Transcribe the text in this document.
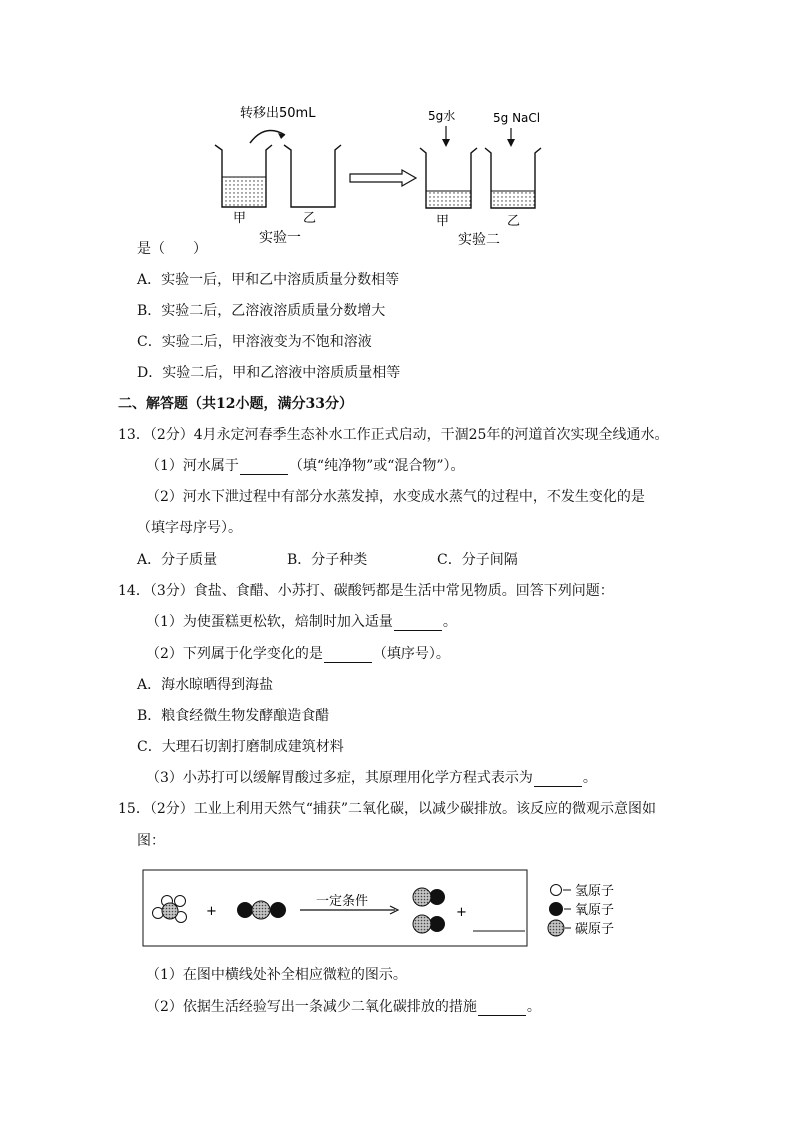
转移出50mL
甲	乙
实验一
5g水	5g NaCl
甲	乙
实验二
是（　　）
A．实验一后，甲和乙中溶质质量分数相等
B．实验二后，乙溶液溶质质量分数增大
C．实验二后，甲溶液变为不饱和溶液
D．实验二后，甲和乙溶液中溶质质量相等
二、解答题（共12小题，满分33分）
13．（2分）4月永定河春季生态补水工作正式启动，干涸25年的河道首次实现全线通水。
（1）河水属于	（填“纯净物”或“混合物”）。
（2）河水下泄过程中有部分水蒸发掉，水变成水蒸气的过程中，不发生变化的是
（填字母序号）。
A．分子质量	B．分子种类	C．分子间隔
14．（3分）食盐、食醋、小苏打、碳酸钙都是生活中常见物质。回答下列问题：
（1）为使蛋糕更松软，焙制时加入适量	。
（2）下列属于化学变化的是	（填序号）。
A．海水晾晒得到海盐
B．粮食经微生物发酵酿造食醋
C．大理石切割打磨制成建筑材料
（3）小苏打可以缓解胃酸过多症，其原理用化学方程式表示为	。
15．（2分）工业上利用天然气“捕获”二氧化碳，以减少碳排放。该反应的微观示意图如
图：
+
一定条件
+
氢原子
氧原子
碳原子
（1）在图中横线处补全相应微粒的图示。
（2）依据生活经验写出一条减少二氧化碳排放的措施	。
